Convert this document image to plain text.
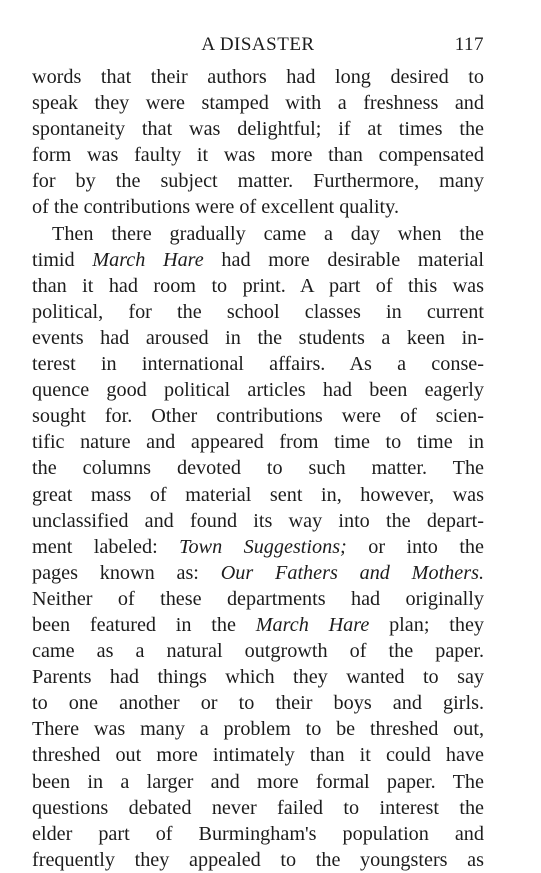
A DISASTER	117
words that their authors had long desired to
speak they were stamped with a freshness and
spontaneity that was delightful; if at times the
form was faulty it was more than compensated
for by the subject matter. Furthermore, many
of the contributions were of excellent quality.
Then there gradually came a day when the
timid March Hare had more desirable material
than it had room to print. A part of this was
political, for the school classes in current
events had aroused in the students a keen in-
terest in international affairs. As a conse-
quence good political articles had been eagerly
sought for. Other contributions were of scien-
tific nature and appeared from time to time in
the columns devoted to such matter. The
great mass of material sent in, however, was
unclassified and found its way into the depart-
ment labeled: Town Suggestions; or into the
pages known as: Our Fathers and Mothers.
Neither of these departments had originally
been featured in the March Hare plan; they
came as a natural outgrowth of the paper.
Parents had things which they wanted to say
to one another or to their boys and girls.
There was many a problem to be threshed out,
threshed out more intimately than it could have
been in a larger and more formal paper. The
questions debated never failed to interest the
elder part of Burmingham's population and
frequently they appealed to the youngsters as
